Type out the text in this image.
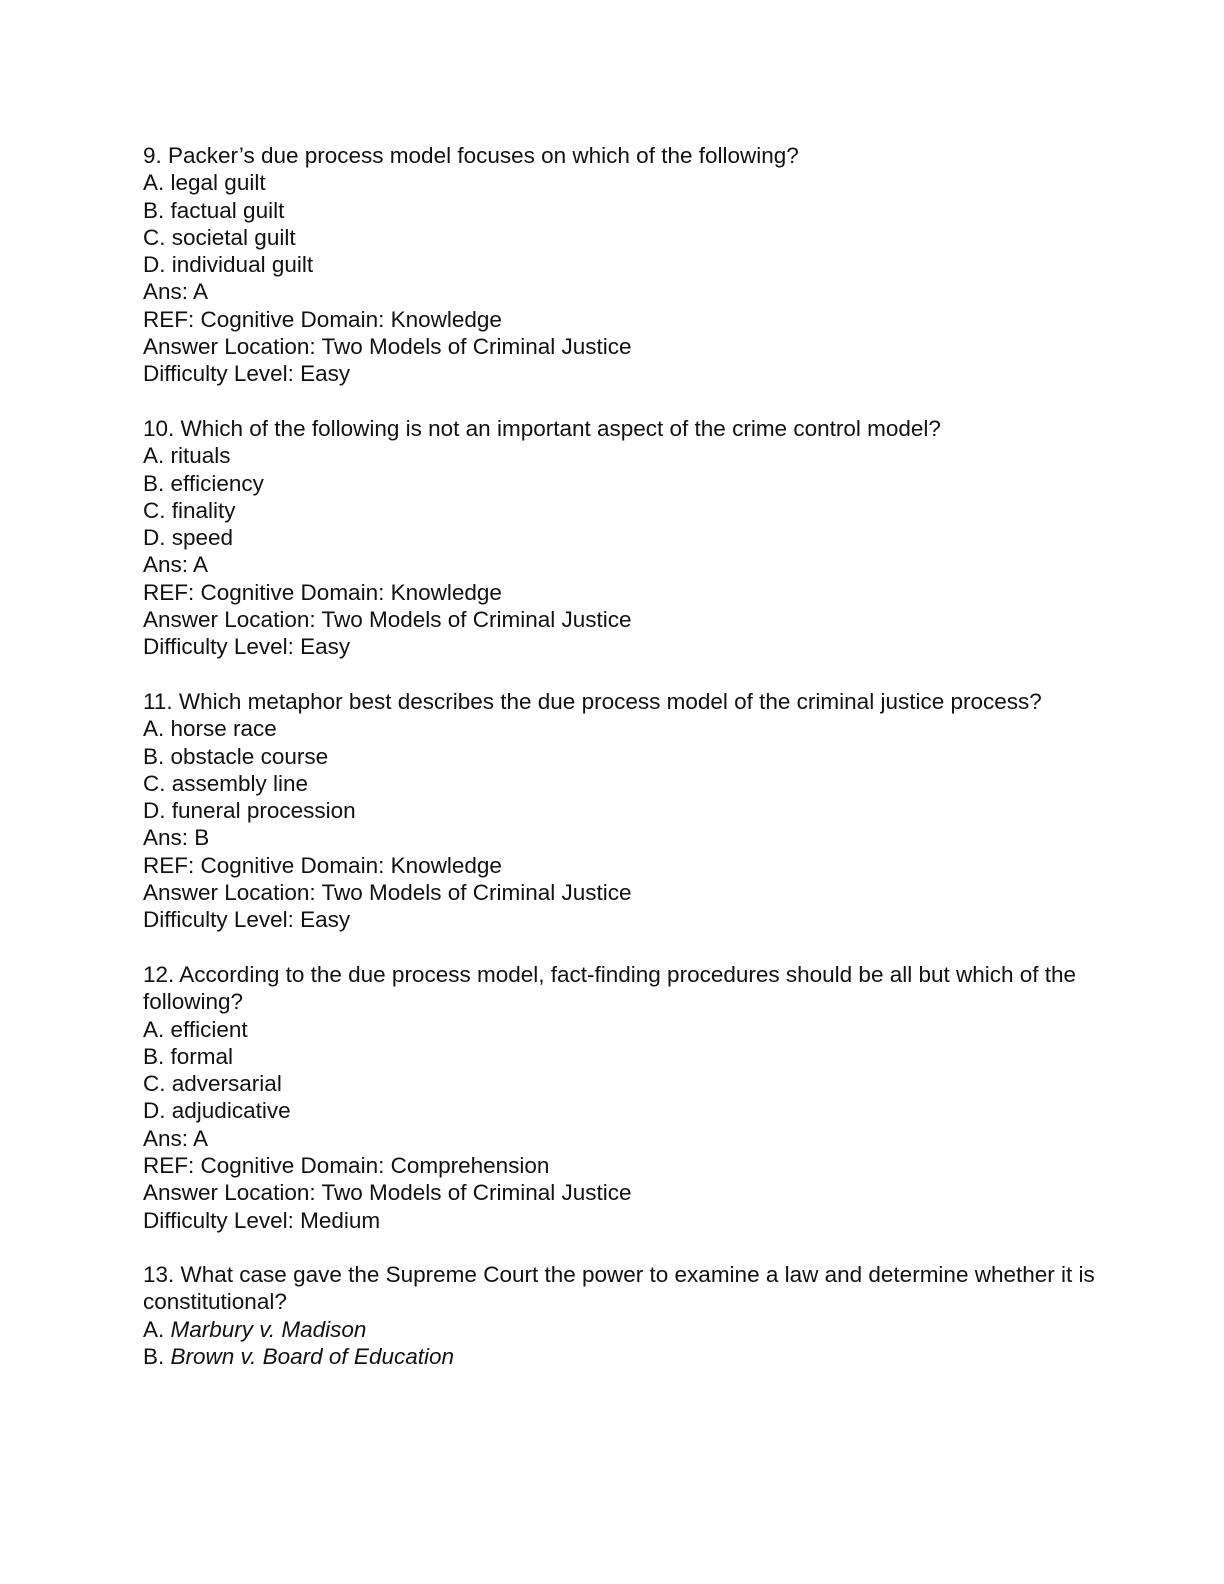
9. Packer’s due process model focuses on which of the following?

A. legal guilt

B. factual guilt

C. societal guilt

D. individual guilt

Ans: A

REF: Cognitive Domain: Knowledge

Answer Location: Two Models of Criminal Justice

Difficulty Level: Easy

10. Which of the following is not an important aspect of the crime control model?

A. rituals

B. efficiency

C. finality

D. speed

Ans: A

REF: Cognitive Domain: Knowledge

Answer Location: Two Models of Criminal Justice

Difficulty Level: Easy

11. Which metaphor best describes the due process model of the criminal justice process?

A. horse race

B. obstacle course

C. assembly line

D. funeral procession

Ans: B

REF: Cognitive Domain: Knowledge

Answer Location: Two Models of Criminal Justice

Difficulty Level: Easy

12. According to the due process model, fact-finding procedures should be all but which of the following?

A. efficient

B. formal

C. adversarial

D. adjudicative

Ans: A

REF: Cognitive Domain: Comprehension

Answer Location: Two Models of Criminal Justice

Difficulty Level: Medium

13. What case gave the Supreme Court the power to examine a law and determine whether it is constitutional?

A. Marbury v. Madison

B. Brown v. Board of Education
